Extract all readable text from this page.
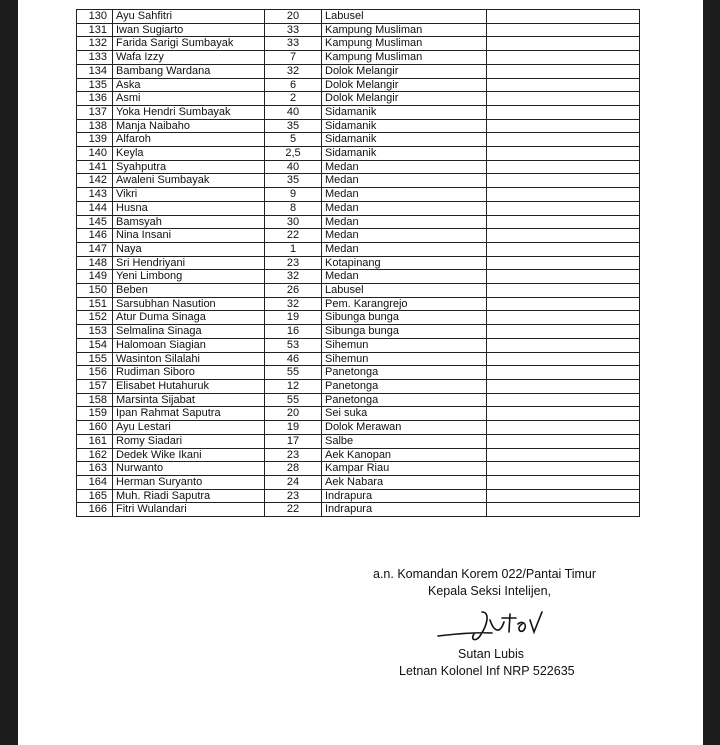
130	Ayu Sahfitri	20	Labusel	
131	Iwan Sugiarto	33	Kampung Musliman	
132	Farida Sarigi Sumbayak	33	Kampung Musliman	
133	Wafa Izzy	7	Kampung Musliman	
134	Bambang Wardana	32	Dolok Melangir	
135	Aska	6	Dolok Melangir	
136	Asmi	2	Dolok Melangir	
137	Yoka Hendri Sumbayak	40	Sidamanik	
138	Manja Naibaho	35	Sidamanik	
139	Alfaroh	5	Sidamanik	
140	Keyla	2,5	Sidamanik	
141	Syahputra	40	Medan	
142	Awaleni Sumbayak	35	Medan	
143	Vikri	9	Medan	
144	Husna	8	Medan	
145	Bamsyah	30	Medan	
146	Nina Insani	22	Medan	
147	Naya	1	Medan	
148	Sri Hendriyani	23	Kotapinang	
149	Yeni Limbong	32	Medan	
150	Beben	26	Labusel	
151	Sarsubhan Nasution	32	Pem. Karangrejo	
152	Atur Duma Sinaga	19	Sibunga bunga	
153	Selmalina Sinaga	16	Sibunga bunga	
154	Halomoan Siagian	53	Sihemun	
155	Wasinton Silalahi	46	Sihemun	
156	Rudiman Siboro	55	Panetonga	
157	Elisabet Hutahuruk	12	Panetonga	
158	Marsinta Sijabat	55	Panetonga	
159	Ipan Rahmat Saputra	20	Sei suka	
160	Ayu Lestari	19	Dolok Merawan	
161	Romy Siadari	17	Salbe	
162	Dedek Wike Ikani	23	Aek Kanopan	
163	Nurwanto	28	Kampar Riau	
164	Herman Suryanto	24	Aek Nabara	
165	Muh. Riadi Saputra	23	Indrapura	
166	Fitri Wulandari	22	Indrapura	
a.n. Komandan Korem 022/Pantai Timur
Kepala Seksi Intelijen,
Sutan Lubis
Letnan Kolonel Inf NRP 522635
